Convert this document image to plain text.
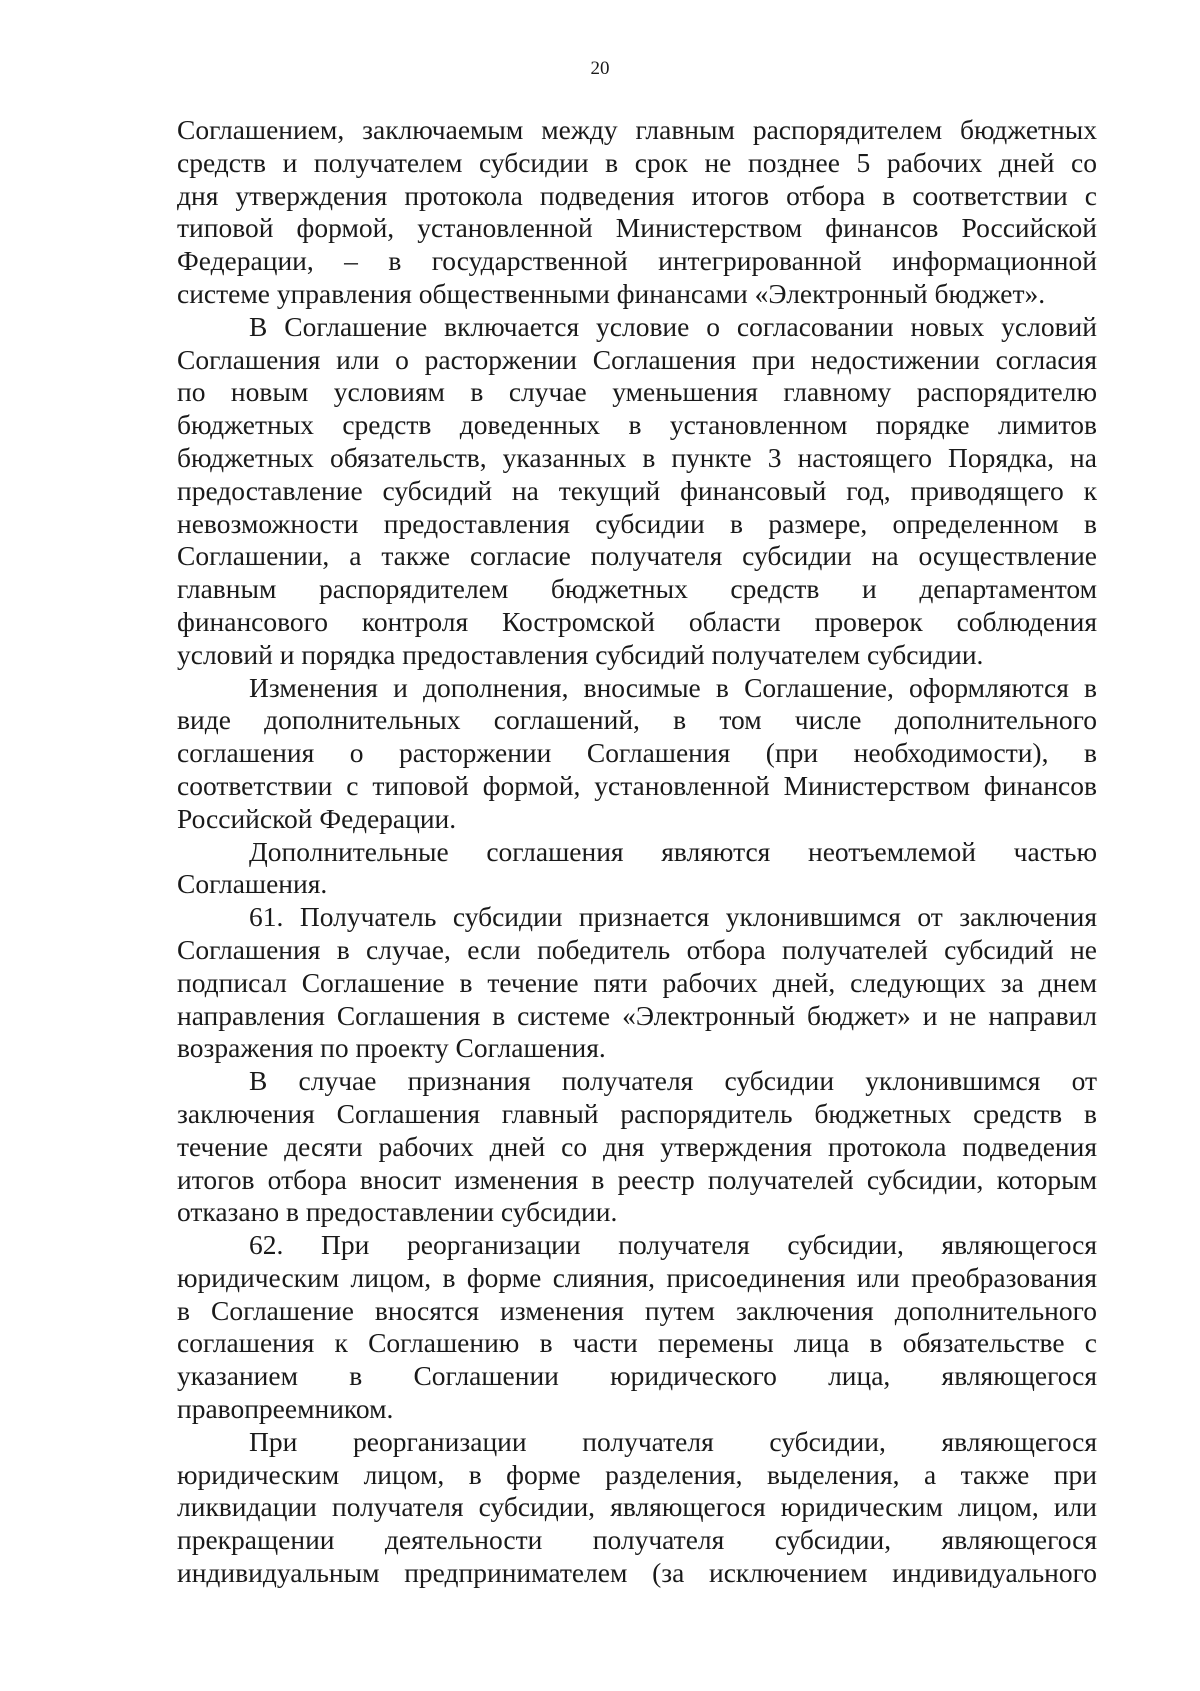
20

Соглашением, заключаемым между главным распорядителем бюджетных

средств и получателем субсидии в срок не позднее 5 рабочих дней со

дня утверждения протокола подведения итогов отбора в соответствии с

типовой формой, установленной Министерством финансов Российской

Федерации, – в государственной интегрированной информационной

системе управления общественными финансами «Электронный бюджет».

В Соглашение включается условие о согласовании новых условий

Соглашения или о расторжении Соглашения при недостижении согласия

по новым условиям в случае уменьшения главному распорядителю

бюджетных средств доведенных в установленном порядке лимитов

бюджетных обязательств, указанных в пункте 3 настоящего Порядка, на

предоставление субсидий на текущий финансовый год, приводящего к

невозможности предоставления субсидии в размере, определенном в

Соглашении, а также согласие получателя субсидии на осуществление

главным распорядителем бюджетных средств и департаментом

финансового контроля Костромской области проверок соблюдения

условий и порядка предоставления субсидий получателем субсидии.

Изменения и дополнения, вносимые в Соглашение, оформляются в

виде дополнительных соглашений, в том числе дополнительного

соглашения о расторжении Соглашения (при необходимости), в

соответствии с типовой формой, установленной Министерством финансов

Российской Федерации.

Дополнительные соглашения являются неотъемлемой частью

Соглашения.

61. Получатель субсидии признается уклонившимся от заключения

Соглашения в случае, если победитель отбора получателей субсидий не

подписал Соглашение в течение пяти рабочих дней, следующих за днем

направления Соглашения в системе «Электронный бюджет» и не направил

возражения по проекту Соглашения.

В случае признания получателя субсидии уклонившимся от

заключения Соглашения главный распорядитель бюджетных средств в

течение десяти рабочих дней со дня утверждения протокола подведения

итогов отбора вносит изменения в реестр получателей субсидии, которым

отказано в предоставлении субсидии.

62. При реорганизации получателя субсидии, являющегося

юридическим лицом, в форме слияния, присоединения или преобразования

в Соглашение вносятся изменения путем заключения дополнительного

соглашения к Соглашению в части перемены лица в обязательстве с

указанием в Соглашении юридического лица, являющегося

правопреемником.

При реорганизации получателя субсидии, являющегося

юридическим лицом, в форме разделения, выделения, а также при

ликвидации получателя субсидии, являющегося юридическим лицом, или

прекращении деятельности получателя субсидии, являющегося

индивидуальным предпринимателем (за исключением индивидуального
